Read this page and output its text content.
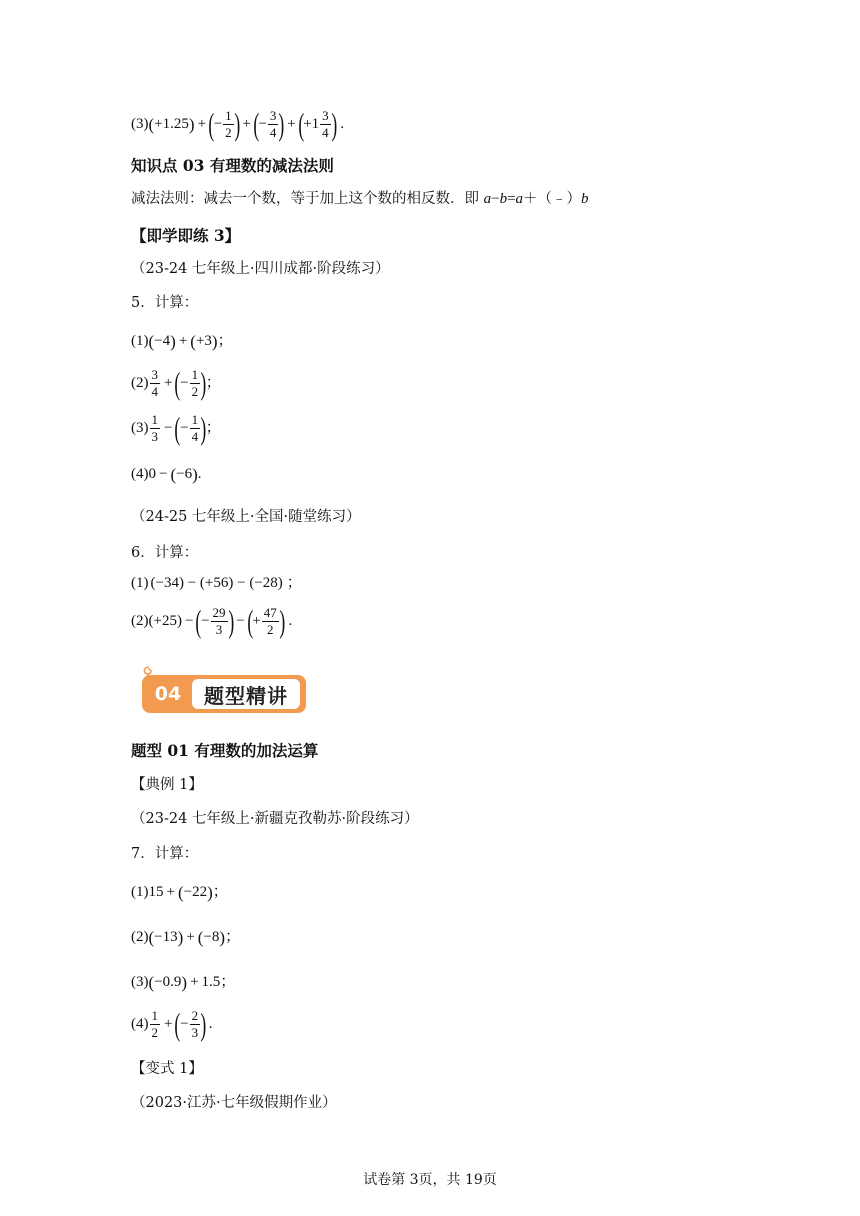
(3) ( +1.25 ) + ( − $\frac{1}{2}$ ) + ( − $\frac{3}{4}$ ) + ( $+1 \frac{3}{4}$ ) .
知识点 03 有理数的减法法则
减法法则：减去一个数，等于加上这个数的相反数．即 a−b=a＋（﹣）b
【即学即练 3】
（23-24 七年级上·四川成都·阶段练习）
5．计算：
(1) ( −4 ) + ( +3 ) ；
$(2) \frac{3}{4}$ + ( − $\frac{1}{2}$ ) ；
$(3) \frac{1}{3}$ − ( − $\frac{1}{4}$ ) ；
(4) 0 − ( −6 ) .
（24-25 七年级上·全国·随堂练习）
6．计算：
(1) (−34) − (+56) − (−28) ；
(2) (+25) − ( − $\frac{29}{3}$ ) − ( + $\frac{47}{2}$ ) .
04	题型精讲
题型 01 有理数的加法运算
【典例 1】
（23-24 七年级上·新疆克孜勒苏·阶段练习）
7．计算：
(1) 15 + ( −22 ) ；
(2) ( −13 ) + ( −8 ) ；
(3) ( −0.9 ) + 1.5 ；
$(4) \frac{1}{2}$ + ( − $\frac{2}{3}$ ) .
【变式 1】
（2023·江苏·七年级假期作业）
试卷第 3页，共 19页
